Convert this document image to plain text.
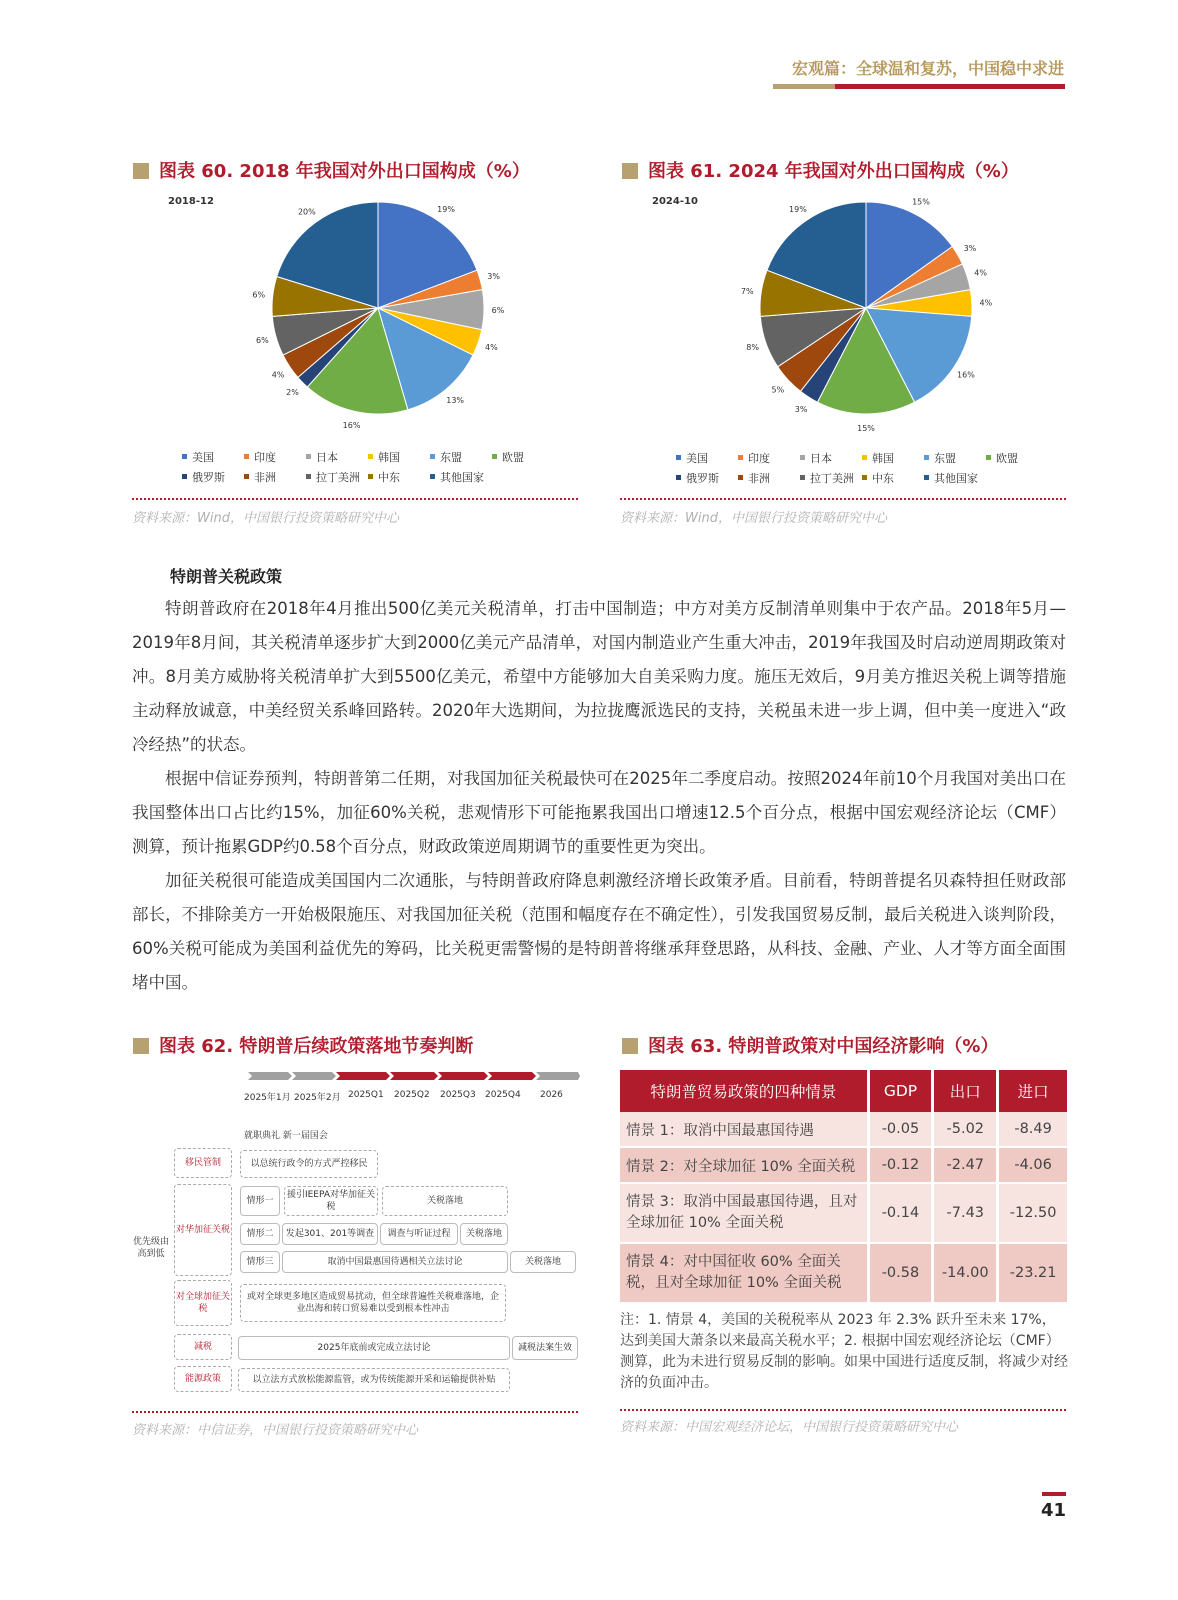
宏观篇：全球温和复苏，中国稳中求进
图表 60. 2018 年我国对外出口国构成（%）
2018-12
19%
3%
6%
4%
13%
16%
2%
4%
6%
6%
20%
美国	印度	日本	韩国	东盟	欧盟
俄罗斯	非洲	拉丁美洲	中东	其他国家
资料来源：Wind，中国银行投资策略研究中心
图表 61. 2024 年我国对外出口国构成（%）
2024-10	15%
3%
4%
4%
16%
15%
3%
5%
8%
7%
19%
美国	印度	日本	韩国	东盟	欧盟
俄罗斯	非洲	拉丁美洲	中东	其他国家
资料来源：Wind，中国银行投资策略研究中心
特朗普关税政策

特朗普政府在2018年4月推出500亿美元关税清单，打击中国制造；中方对美方反制清单则集中于农产品。2018年5月—2019年8月间，其关税清单逐步扩大到2000亿美元产品清单，对国内制造业产生重大冲击，2019年我国及时启动逆周期政策对冲。8月美方威胁将关税清单扩大到5500亿美元，希望中方能够加大自美采购力度。施压无效后，9月美方推迟关税上调等措施主动释放诚意，中美经贸关系峰回路转。2020年大选期间，为拉拢鹰派选民的支持，关税虽未进一步上调，但中美一度进入“政冷经热”的状态。

根据中信证券预判，特朗普第二任期，对我国加征关税最快可在2025年二季度启动。按照2024年前10个月我国对美出口在我国整体出口占比约15%，加征60%关税，悲观情形下可能拖累我国出口增速12.5个百分点，根据中国宏观经济论坛（CMF）测算，预计拖累GDP约0.58个百分点，财政政策逆周期调节的重要性更为突出。

加征关税很可能造成美国国内二次通胀，与特朗普政府降息刺激经济增长政策矛盾。目前看，特朗普提名贝森特担任财政部部长，不排除美方一开始极限施压、对我国加征关税（范围和幅度存在不确定性），引发我国贸易反制，最后关税进入谈判阶段，60%关税可能成为美国利益优先的筹码，比关税更需警惕的是特朗普将继承拜登思路，从科技、金融、产业、人才等方面全面围堵中国。

图表 62. 特朗普后续政策落地节奏判断
2025年1月 2025年2月 2025Q1 2025Q2 2025Q3 2025Q4 2026
就职典礼 新一届国会
优先级由高到低
移民管制
对华加征关税
对全球加征关税
减税
能源政策
以总统行政令的方式严控移民
情形一
援引IEEPA对华加征关税
关税落地
情形二	发起301、201等调查	调查与听证过程	关税落地
情形三	取消中国最惠国待遇相关立法讨论	关税落地
或对全球更多地区造成贸易扰动，但全球普遍性关税难落地，企业出海和转口贸易难以受到根本性冲击
2025年底前或完成立法讨论	减税法案生效
以立法方式放松能源监管，或为传统能源开采和运输提供补贴
资料来源：中信证券，中国银行投资策略研究中心
图表 63. 特朗普政策对中国经济影响（%）
特朗普贸易政策的四种情景	GDP	出口	进口
情景 1：取消中国最惠国待遇	-0.05	-5.02	-8.49
情景 2：对全球加征 10% 全面关税	-0.12	-2.47	-4.06
情景 3：取消中国最惠国待遇，且对全球加征 10% 全面关税	-0.14	-7.43	-12.50
情景 4：对中国征收 60% 全面关税，且对全球加征 10% 全面关税	-0.58	-14.00	-23.21
注：1. 情景 4，美国的关税税率从 2023 年 2.3% 跃升至未来 17%，达到美国大萧条以来最高关税水平；2. 根据中国宏观经济论坛（CMF）测算，此为未进行贸易反制的影响。如果中国进行适度反制，将减少对经济的负面冲击。
资料来源：中国宏观经济论坛，中国银行投资策略研究中心
41
